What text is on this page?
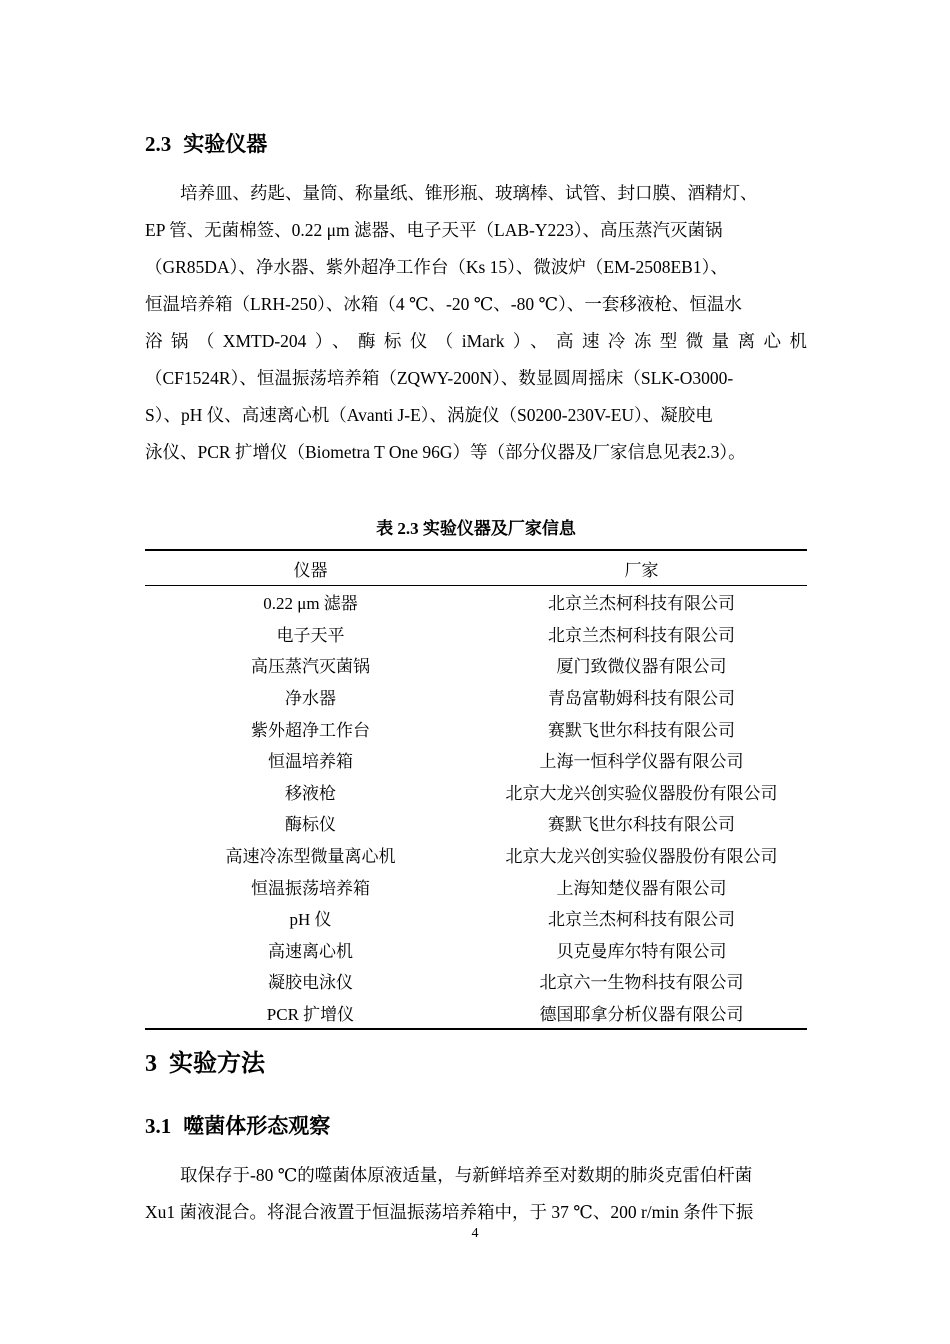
2.3 实验仪器
培养皿、药匙、量筒、称量纸、锥形瓶、玻璃棒、试管、封口膜、酒精灯、
EP 管、无菌棉签、0.22 μm 滤器、电子天平（LAB-Y223）、高压蒸汽灭菌锅
（GR85DA）、净水器、紫外超净工作台（Ks 15）、微波炉（EM-2508EB1）、
恒温培养箱（LRH-250）、冰箱（4 ℃、-20 ℃、-80 ℃）、一套移液枪、恒温水
浴锅（XMTD-204）、酶标仪（iMark）、高速冷冻型微量离心机
（CF1524R）、恒温振荡培养箱（ZQWY-200N）、数显圆周摇床（SLK-O3000-
S）、pH 仪、高速离心机（Avanti J-E）、涡旋仪（S0200-230V-EU）、凝胶电
泳仪、PCR 扩增仪（Biometra T One 96G）等（部分仪器及厂家信息见表2.3）。
表 2.3 实验仪器及厂家信息
仪器	厂家
0.22 μm 滤器	北京兰杰柯科技有限公司
电子天平	北京兰杰柯科技有限公司
高压蒸汽灭菌锅	厦门致微仪器有限公司
净水器	青岛富勒姆科技有限公司
紫外超净工作台	赛默飞世尔科技有限公司
恒温培养箱	上海一恒科学仪器有限公司
移液枪	北京大龙兴创实验仪器股份有限公司
酶标仪	赛默飞世尔科技有限公司
高速冷冻型微量离心机	北京大龙兴创实验仪器股份有限公司
恒温振荡培养箱	上海知楚仪器有限公司
pH 仪	北京兰杰柯科技有限公司
高速离心机	贝克曼库尔特有限公司
凝胶电泳仪	北京六一生物科技有限公司
PCR 扩增仪	德国耶拿分析仪器有限公司
3 实验方法
3.1 噬菌体形态观察
取保存于-80 ℃的噬菌体原液适量，与新鲜培养至对数期的肺炎克雷伯杆菌
Xu1 菌液混合。将混合液置于恒温振荡培养箱中，于 37 ℃、200 r/min 条件下振
4
